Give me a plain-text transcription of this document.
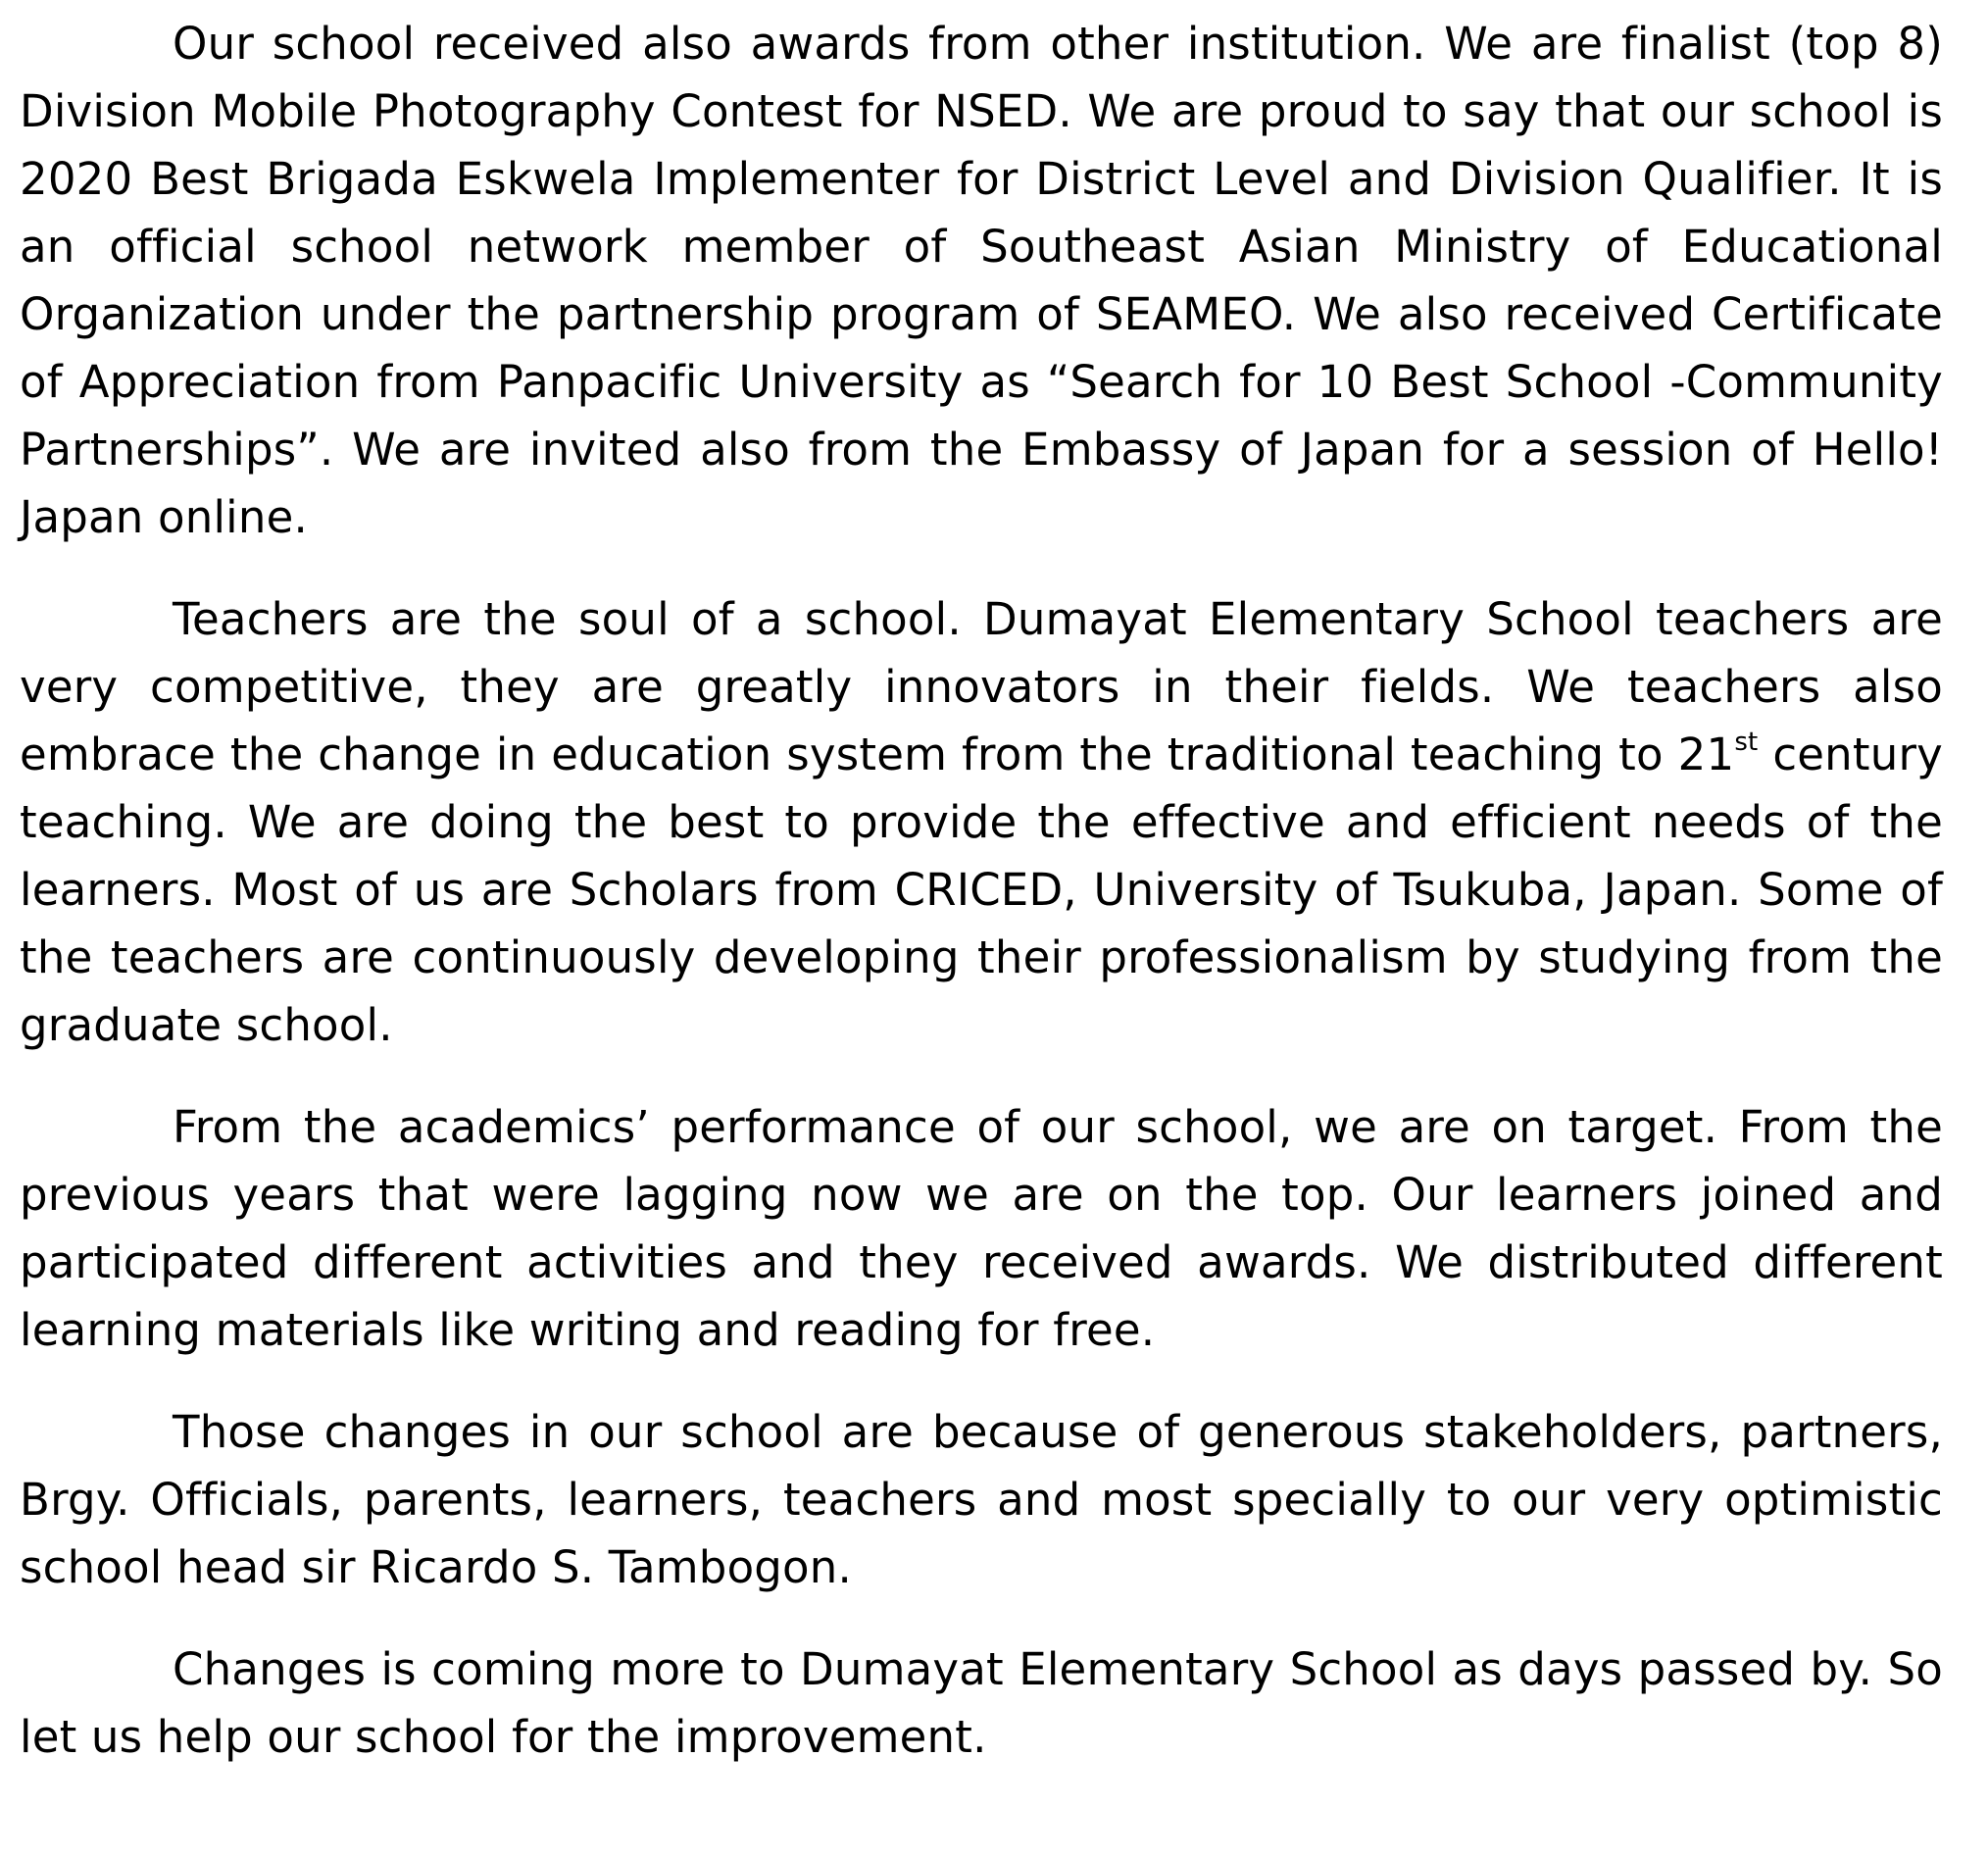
Our school received also awards from other institution. We are finalist (top 8) Division Mobile Photography Contest for NSED. We are proud to say that our school is 2020 Best Brigada Eskwela Implementer for District Level and Division Qualifier. It is an official school network member of Southeast Asian Ministry of Educational Organization under the partnership program of SEAMEO. We also received Certificate of Appreciation from Panpacific University as “Search for 10 Best School -Community Partnerships”. We are invited also from the Embassy of Japan for a session of Hello! Japan online.

Teachers are the soul of a school. Dumayat Elementary School teachers are very competitive, they are greatly innovators in their fields. We teachers also embrace the change in education system from the traditional teaching to 21st century teaching. We are doing the best to provide the effective and efficient needs of the learners. Most of us are Scholars from CRICED, University of Tsukuba, Japan. Some of the teachers are continuously developing their professionalism by studying from the graduate school.

From the academics’ performance of our school, we are on target. From the previous years that were lagging now we are on the top. Our learners joined and participated different activities and they received awards. We distributed different learning materials like writing and reading for free.

Those changes in our school are because of generous stakeholders, partners, Brgy. Officials, parents, learners, teachers and most specially to our very optimistic school head sir Ricardo S. Tambogon.

Changes is coming more to Dumayat Elementary School as days passed by. So let us help our school for the improvement.
